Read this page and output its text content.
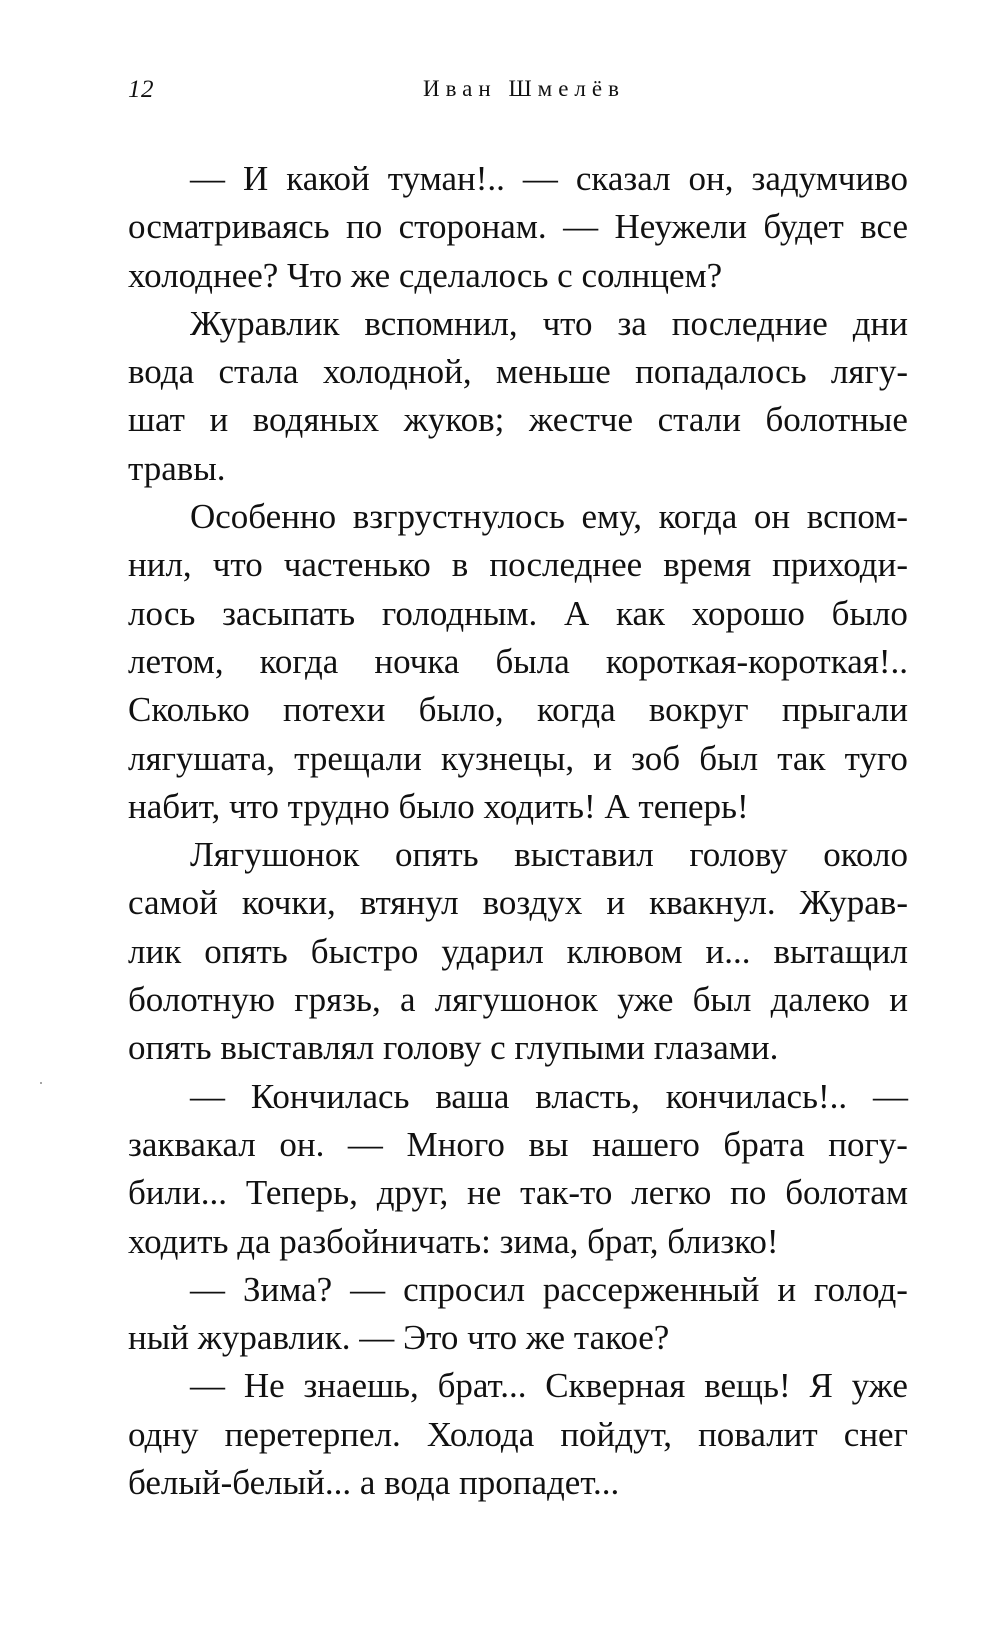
12	Иван Шмелёв
— И какой туман!.. — сказал он, задумчиво
осматриваясь по сторонам. — Неужели будет все
холоднее? Что же сделалось с солнцем?
Журавлик вспомнил, что за последние дни
вода стала холодной, меньше попадалось лягу-
шат и водяных жуков; жестче стали болотные
травы.
Особенно взгрустнулось ему, когда он вспом-
нил, что частенько в последнее время приходи-
лось засыпать голодным. А как хорошо было
летом, когда ночка была короткая-короткая!..
Сколько потехи было, когда вокруг прыгали
лягушата, трещали кузнецы, и зоб был так туго
набит, что трудно было ходить! А теперь!
Лягушонок опять выставил голову около
самой кочки, втянул воздух и квакнул. Журав-
лик опять быстро ударил клювом и... вытащил
болотную грязь, а лягушонок уже был далеко и
опять выставлял голову с глупыми глазами.
— Кончилась ваша власть, кончилась!.. —
заквакал он. — Много вы нашего брата погу-
били... Теперь, друг, не так-то легко по болотам
ходить да разбойничать: зима, брат, близко!
— Зима? — спросил рассерженный и голод-
ный журавлик. — Это что же такое?
— Не знаешь, брат... Скверная вещь! Я уже
одну перетерпел. Холода пойдут, повалит снег
белый-белый... а вода пропадет...
